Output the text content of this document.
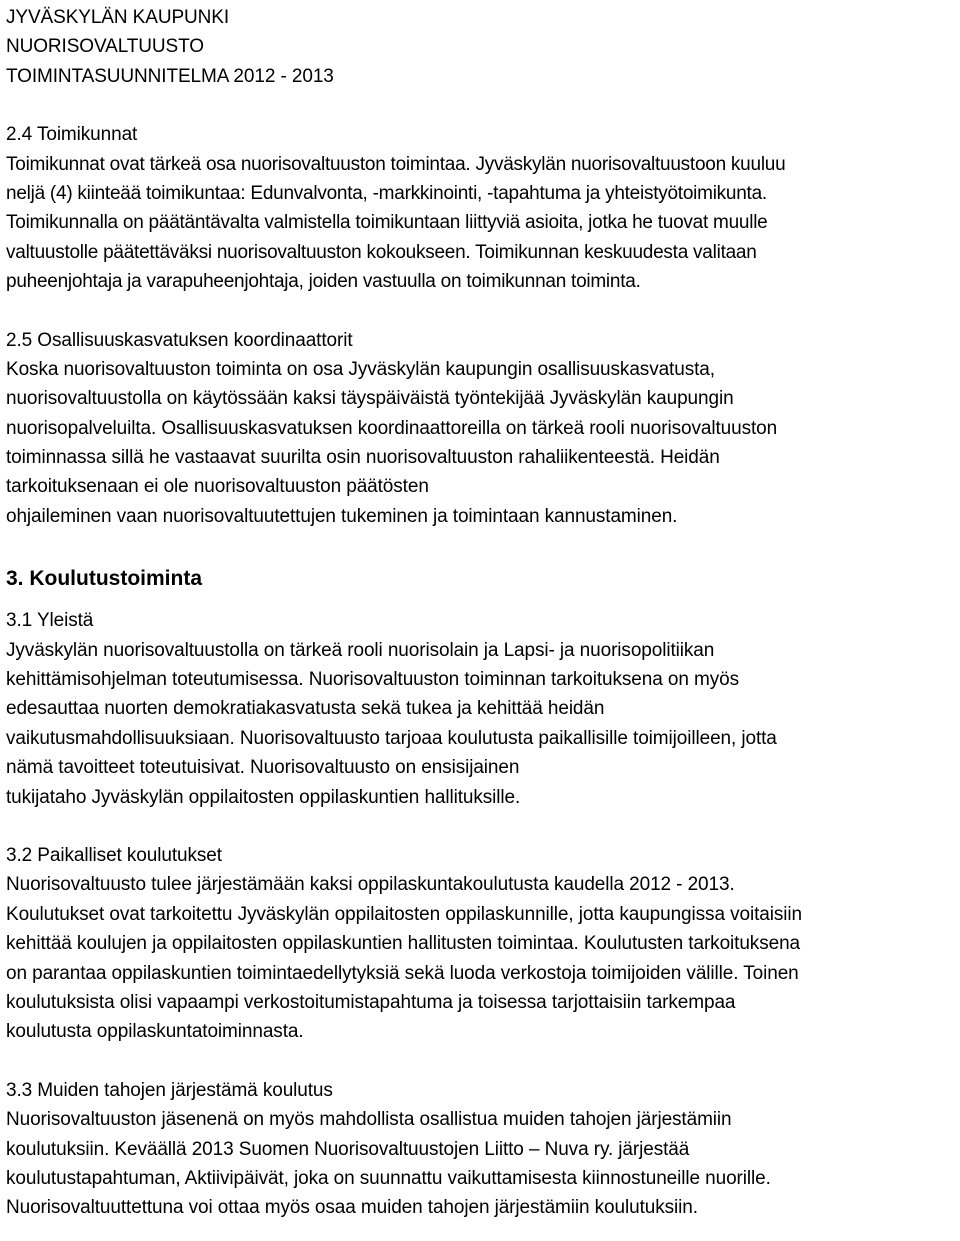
JYVÄSKYLÄN KAUPUNKI
NUORISOVALTUUSTO
TOIMINTASUUNNITELMA 2012 - 2013
2.4 Toimikunnat
Toimikunnat ovat tärkeä osa nuorisovaltuuston toimintaa. Jyväskylän nuorisovaltuustoon kuuluu
neljä (4) kiinteää toimikuntaa: Edunvalvonta, -markkinointi, -tapahtuma ja yhteistyötoimikunta.
Toimikunnalla on päätäntävalta valmistella toimikuntaan liittyviä asioita, jotka he tuovat muulle
valtuustolle päätettäväksi nuorisovaltuuston kokoukseen. Toimikunnan keskuudesta valitaan
puheenjohtaja ja varapuheenjohtaja, joiden vastuulla on toimikunnan toiminta.
2.5 Osallisuuskasvatuksen koordinaattorit
Koska nuorisovaltuuston toiminta on osa Jyväskylän kaupungin osallisuuskasvatusta,
nuorisovaltuustolla on käytössään kaksi täyspäiväistä työntekijää Jyväskylän kaupungin
nuorisopalveluilta. Osallisuuskasvatuksen koordinaattoreilla on tärkeä rooli nuorisovaltuuston
toiminnassa sillä he vastaavat suurilta osin nuorisovaltuuston rahaliikenteestä. Heidän
tarkoituksenaan ei ole nuorisovaltuuston päätösten
ohjaileminen vaan nuorisovaltuutettujen tukeminen ja toimintaan kannustaminen.
3. Koulutustoiminta
3.1 Yleistä
Jyväskylän nuorisovaltuustolla on tärkeä rooli nuorisolain ja Lapsi- ja nuorisopolitiikan
kehittämisohjelman toteutumisessa. Nuorisovaltuuston toiminnan tarkoituksena on myös
edesauttaa nuorten demokratiakasvatusta sekä tukea ja kehittää heidän
vaikutusmahdollisuuksiaan. Nuorisovaltuusto tarjoaa koulutusta paikallisille toimijoilleen, jotta
nämä tavoitteet toteutuisivat. Nuorisovaltuusto on ensisijainen
tukijataho Jyväskylän oppilaitosten oppilaskuntien hallituksille.
3.2 Paikalliset koulutukset
Nuorisovaltuusto tulee järjestämään kaksi oppilaskuntakoulutusta kaudella 2012 - 2013.
Koulutukset ovat tarkoitettu Jyväskylän oppilaitosten oppilaskunnille, jotta kaupungissa voitaisiin
kehittää koulujen ja oppilaitosten oppilaskuntien hallitusten toimintaa. Koulutusten tarkoituksena
on parantaa oppilaskuntien toimintaedellytyksiä sekä luoda verkostoja toimijoiden välille. Toinen
koulutuksista olisi vapaampi verkostoitumistapahtuma ja toisessa tarjottaisiin tarkempaa
koulutusta oppilaskuntatoiminnasta.
3.3 Muiden tahojen järjestämä koulutus
Nuorisovaltuuston jäsenenä on myös mahdollista osallistua muiden tahojen järjestämiin
koulutuksiin. Keväällä 2013 Suomen Nuorisovaltuustojen Liitto – Nuva ry. järjestää
koulutustapahtuman, Aktiivipäivät, joka on suunnattu vaikuttamisesta kiinnostuneille nuorille.
Nuorisovaltuuttettuna voi ottaa myös osaa muiden tahojen järjestämiin koulutuksiin.
